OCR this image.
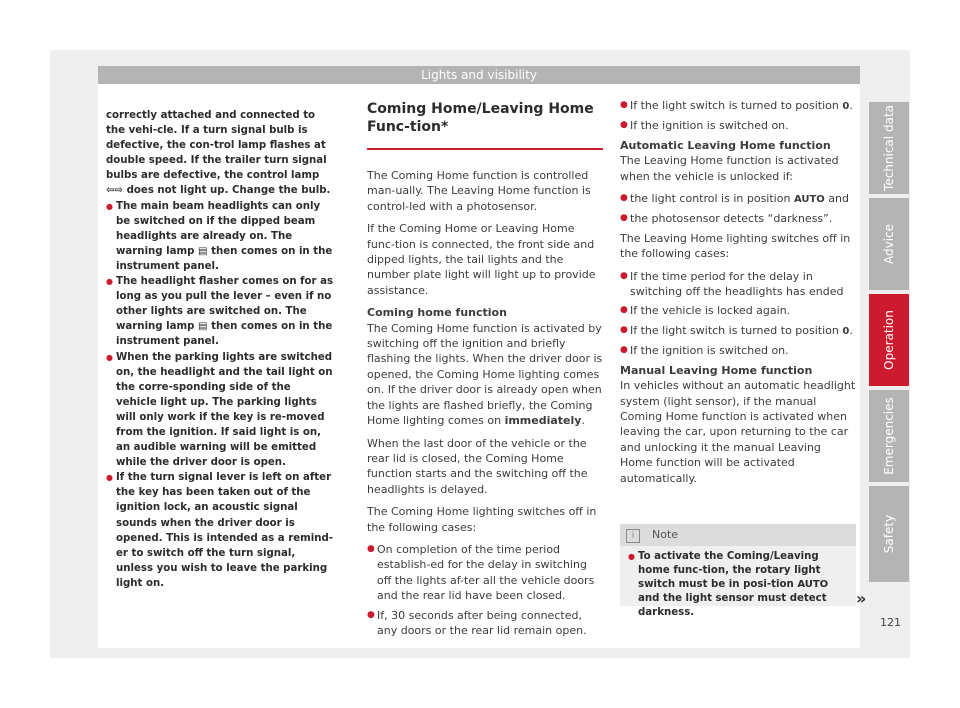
Lights and visibility

correctly attached and connected to the vehi-cle. If a turn signal bulb is defective, the con-trol lamp flashes at double speed. If the trailer turn signal bulbs are defective, the control lamp ⇦⇨ does not light up. Change the bulb.

● The main beam headlights can only be switched on if the dipped beam headlights are already on. The warning lamp ▤ then comes on in the instrument panel.

● The headlight flasher comes on for as long as you pull the lever – even if no other lights are switched on. The warning lamp ▤ then comes on in the instrument panel.

● When the parking lights are switched on, the headlight and the tail light on the corre-sponding side of the vehicle light up. The parking lights will only work if the key is re-moved from the ignition. If said light is on, an audible warning will be emitted while the driver door is open.

● If the turn signal lever is left on after the key has been taken out of the ignition lock, an acoustic signal sounds when the driver door is opened. This is intended as a remind-er to switch off the turn signal, unless you wish to leave the parking light on.

Coming Home/Leaving Home Func-tion*

The Coming Home function is controlled man-ually. The Leaving Home function is control-led with a photosensor.

If the Coming Home or Leaving Home func-tion is connected, the front side and dipped lights, the tail lights and the number plate light will light up to provide assistance.

Coming home function

The Coming Home function is activated by switching off the ignition and briefly flashing the lights. When the driver door is opened, the Coming Home lighting comes on. If the driver door is already open when the lights are flashed briefly, the Coming Home lighting comes on immediately.

When the last door of the vehicle or the rear lid is closed, the Coming Home function starts and the switching off the headlights is delayed.

The Coming Home lighting switches off in the following cases:

● On completion of the time period establish-ed for the delay in switching off the lights af-ter all the vehicle doors and the rear lid have been closed.

● If, 30 seconds after being connected, any doors or the rear lid remain open.

● If the light switch is turned to position 0.

● If the ignition is switched on.

Automatic Leaving Home function

The Leaving Home function is activated when the vehicle is unlocked if:

● the light control is in position AUTO and

● the photosensor detects “darkness”.

The Leaving Home lighting switches off in the following cases:

● If the time period for the delay in switching off the headlights has ended

● If the vehicle is locked again.

● If the light switch is turned to position 0.

● If the ignition is switched on.

Manual Leaving Home function

In vehicles without an automatic headlight system (light sensor), if the manual Coming Home function is activated when leaving the car, upon returning to the car and unlocking it the manual Leaving Home function will be activated automatically.

i Note

● To activate the Coming/Leaving home func-tion, the rotary light switch must be in posi-tion AUTO and the light sensor must detect darkness.

»
Technical data
Advice
Operation
Emergencies
Safety
121
